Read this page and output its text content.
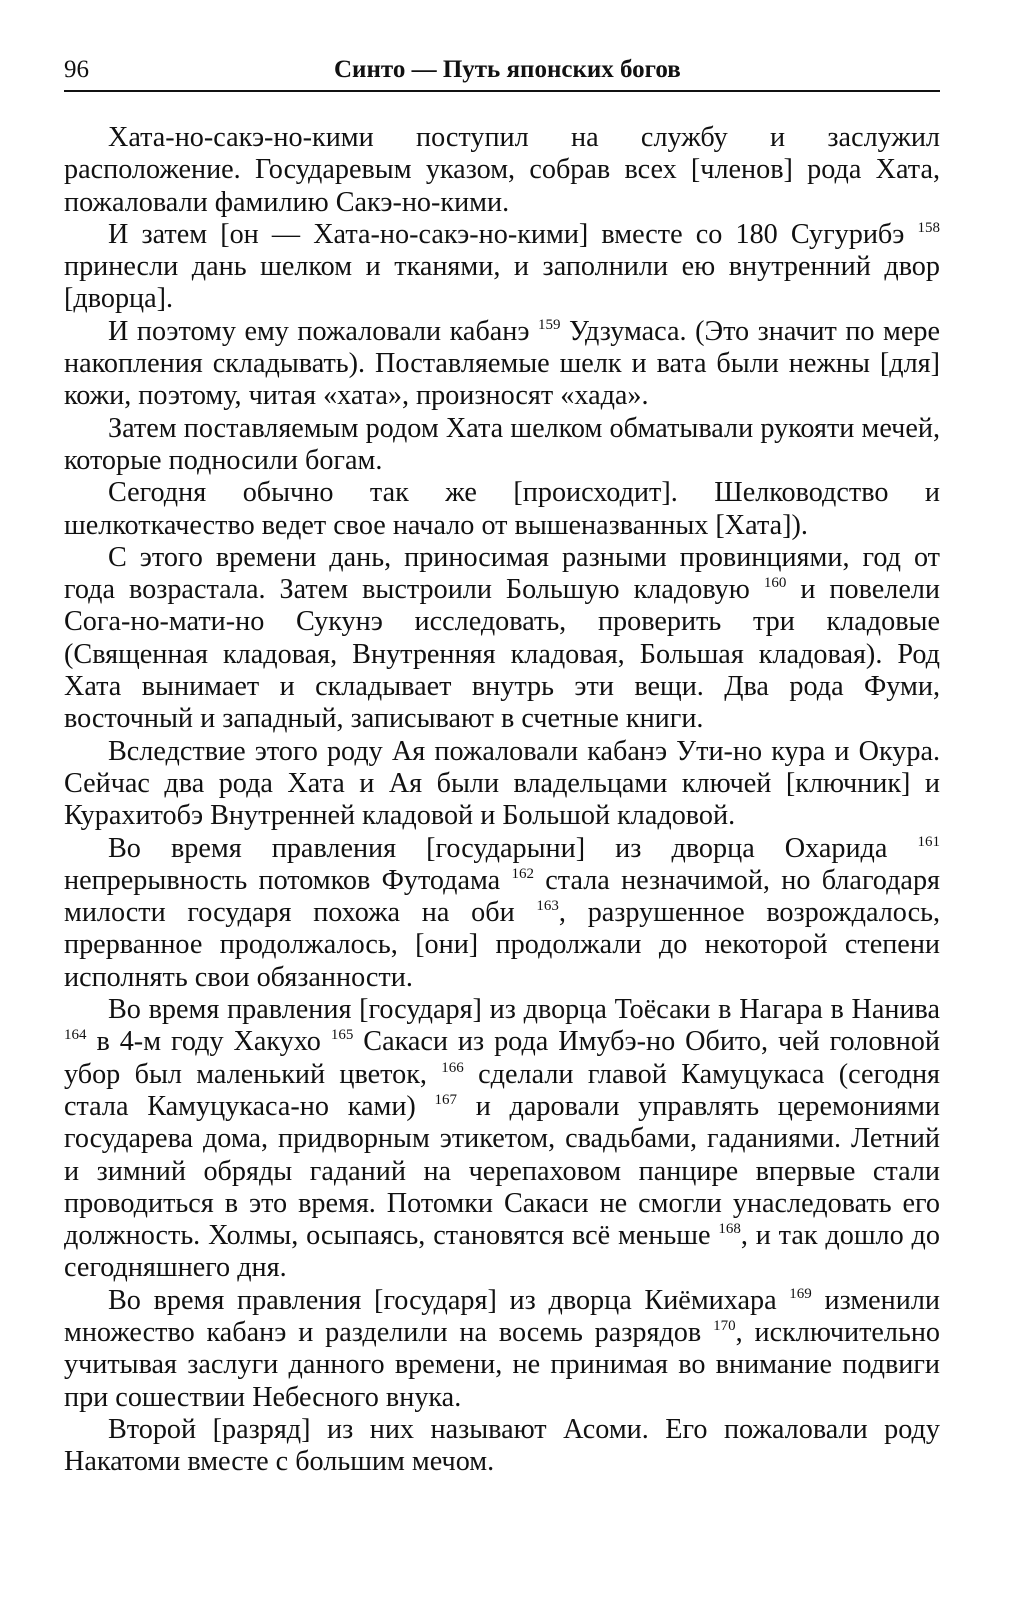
96	Синто — Путь японских богов

Хата-но-сакэ-но-кими поступил на службу и заслужил расположение. Государевым указом, собрав всех [членов] рода Хата, пожаловали фамилию Сакэ-но-кими.

И затем [он — Хата-но-сакэ-но-кими] вместе со 180 Сугурибэ $^{158}$ принесли дань шелком и тканями, и заполнили ею внутренний двор [дворца].

И поэтому ему пожаловали кабанэ $^{159}$ Удзумаса. (Это значит по мере накопления складывать). Поставляемые шелк и вата были нежны [для] кожи, поэтому, читая «хата», произносят «хада».

Затем поставляемым родом Хата шелком обматывали рукояти мечей, которые подносили богам.

Сегодня обычно так же [происходит]. Шелководство и шелкоткачество ведет свое начало от вышеназванных [Хата]).

С этого времени дань, приносимая разными провинциями, год от года возрастала. Затем выстроили Большую кладовую $^{160}$ и повелели Сога-но-мати-но Сукунэ исследовать, проверить три кладовые (Священная кладовая, Внутренняя кладовая, Большая кладовая). Род Хата вынимает и складывает внутрь эти вещи. Два рода Фуми, восточный и западный, записывают в счетные книги.

Вследствие этого роду Ая пожаловали кабанэ Ути-но кура и Окура. Сейчас два рода Хата и Ая были владельцами ключей [ключник] и Курахитобэ Внутренней кладовой и Большой кладовой.

Во время правления [государыни] из дворца Охарида $^{161}$ непрерывность потомков Футодама $^{162}$ стала незначимой, но благодаря милости государя похожа на оби $^{163}$, разрушенное возрождалось, прерванное продолжалось, [они] продолжали до некоторой степени исполнять свои обязанности.

Во время правления [государя] из дворца Тоёсаки в Нагара в Нанива $^{164}$ в 4-м году Хакухо $^{165}$ Сакаси из рода Имубэ-но Обито, чей головной убор был маленький цветок, $^{166}$ сделали главой Камуцукаса (сегодня стала Камуцукаса-но ками) $^{167}$ и даровали управлять церемониями государева дома, придворным этикетом, свадьбами, гаданиями. Летний и зимний обряды гаданий на черепаховом панцире впервые стали проводиться в это время. Потомки Сакаси не смогли унаследовать его должность. Холмы, осыпаясь, становятся всё меньше $^{168}$, и так дошло до сегодняшнего дня.

Во время правления [государя] из дворца Киёмихара $^{169}$ изменили множество кабанэ и разделили на восемь разрядов $^{170}$, исключительно учитывая заслуги данного времени, не принимая во внимание подвиги при сошествии Небесного внука.

Второй [разряд] из них называют Асоми. Его пожаловали роду Накатоми вместе с большим мечом.
